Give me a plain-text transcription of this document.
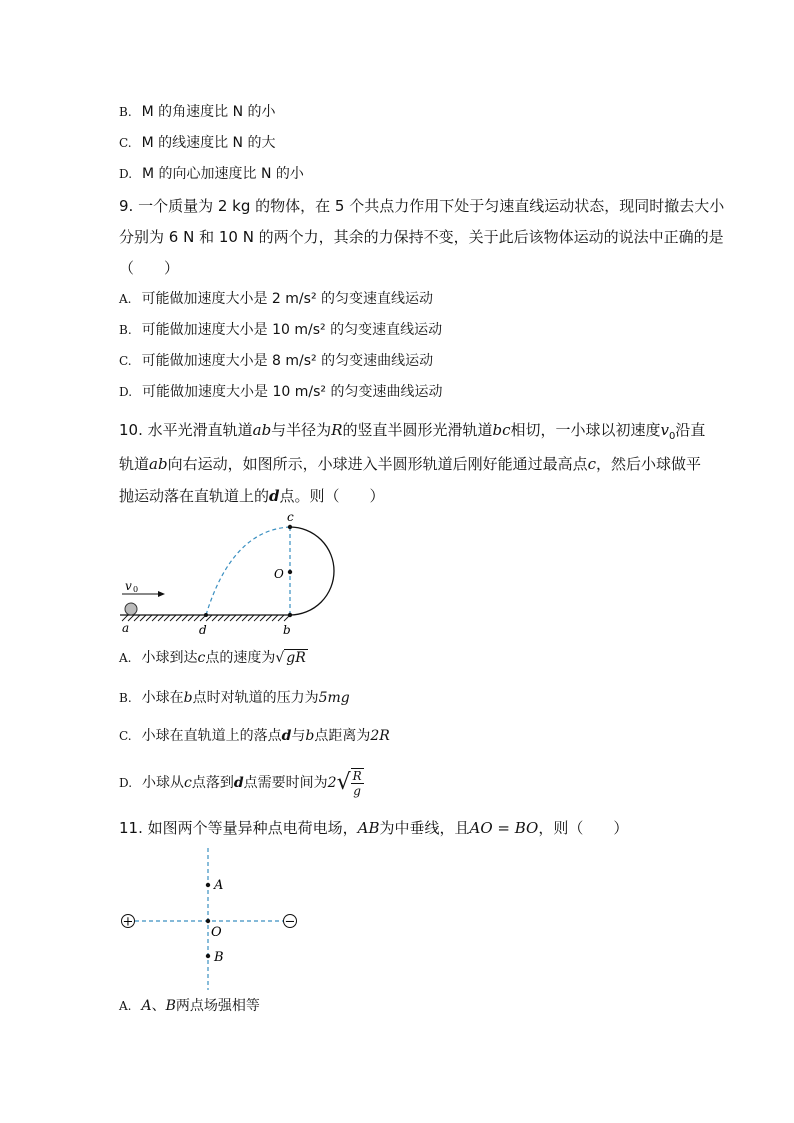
B. M 的角速度比 N 的小
C. M 的线速度比 N 的大
D. M 的向心加速度比 N 的小
9. 一个质量为 2 kg 的物体，在 5 个共点力作用下处于匀速直线运动状态，现同时撤去大小
分别为 6 N 和 10 N 的两个力，其余的力保持不变，关于此后该物体运动的说法中正确的是
（　　）
A. 可能做加速度大小是 2 m/s² 的匀变速直线运动
B. 可能做加速度大小是 10 m/s² 的匀变速直线运动
C. 可能做加速度大小是 8 m/s² 的匀变速曲线运动
D. 可能做加速度大小是 10 m/s² 的匀变速曲线运动
10. 水平光滑直轨道ab与半径为R的竖直半圆形光滑轨道bc相切，一小球以初速度$v_0$沿直
轨道ab向右运动，如图所示，小球进入半圆形轨道后刚好能通过最高点c，然后小球做平
抛运动落在直轨道上的d点。则（　　）
v 0
c
O
a	d	b
A. 小球到达c点的速度为√ gR
B. 小球在b点时对轨道的压力为5mg
C. 小球在直轨道上的落点d与b点距离为2R
D. 小球从c点落到d点需要时间为$2√ \frac{R}{g}$
11. 如图两个等量异种点电荷电场，AB为中垂线，且AO = BO，则（　　）
+	−
A
O
B
A. A、B两点场强相等
